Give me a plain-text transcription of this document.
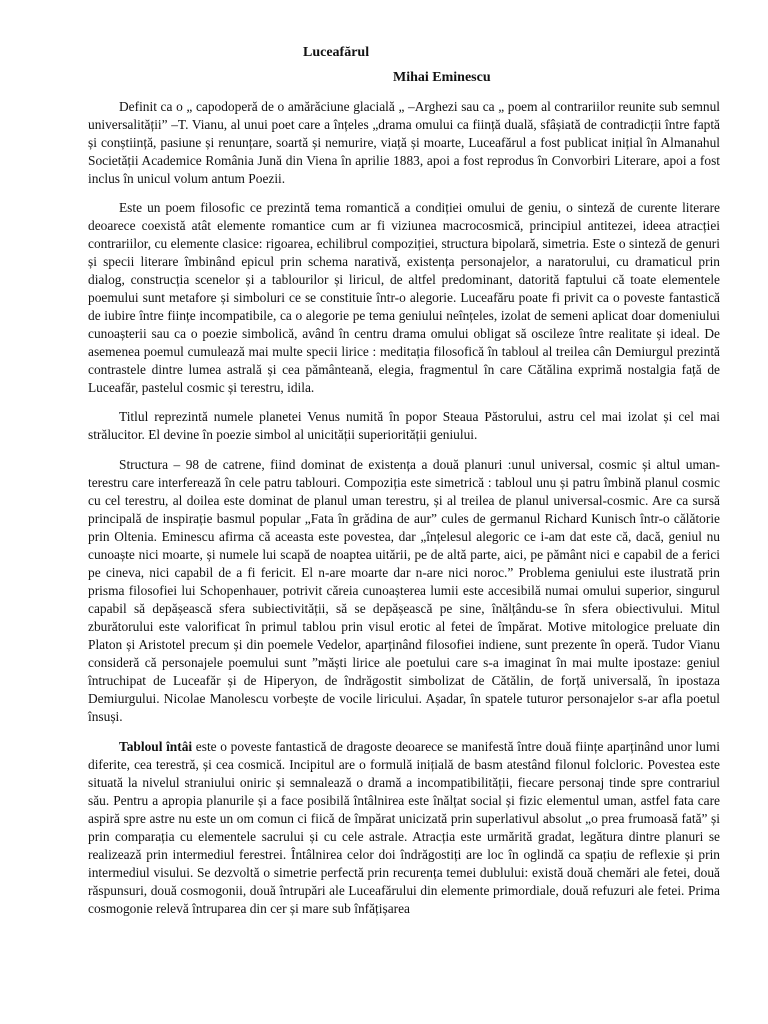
Luceafărul
Mihai Eminescu

Definit ca o „ capodoperă de o amărăciune glacială „ –Arghezi sau ca „ poem al contrariilor reunite sub semnul universalității” –T. Vianu, al unui poet care a înțeles „drama omului ca ființă duală, sfâșiată de contradicții între faptă și conștiință, pasiune și renunțare, soartă și nemurire, viață și moarte, Luceafărul a fost publicat inițial în Almanahul Societății Academice România Jună din Viena în aprilie 1883, apoi a fost reprodus în Convorbiri Literare, apoi a fost inclus în unicul volum antum Poezii.

Este un poem filosofic ce prezintă tema romantică a condiției omului de geniu, o sinteză de curente literare deoarece coexistă atât elemente romantice cum ar fi viziunea macrocosmică, principiul antitezei, ideea atracției contrariilor, cu elemente clasice: rigoarea, echilibrul compoziției, structura bipolară, simetria. Este o sinteză de genuri și specii literare îmbinând epicul prin schema narativă, existența personajelor, a naratorului, cu dramaticul prin dialog, construcția scenelor și a tablourilor și liricul, de altfel predominant, datorită faptului că toate elementele poemului sunt metafore și simboluri ce se constituie într-o alegorie. Luceafăru poate fi privit ca o poveste fantastică de iubire între ființe incompatibile, ca o alegorie pe tema geniului neînțeles, izolat de semeni aplicat doar domeniului cunoașterii sau ca o poezie simbolică, având în centru drama omului obligat să oscileze între realitate și ideal. De asemenea poemul cumulează mai multe specii lirice : meditația filosofică în tabloul al treilea cân Demiurgul prezintă contrastele dintre lumea astrală și cea pământeană, elegia, fragmentul în care Cătălina exprimă nostalgia față de Luceafăr, pastelul cosmic și terestru, idila.

Titlul reprezintă numele planetei Venus numită în popor Steaua Păstorului, astru cel mai izolat și cel mai strălucitor. El devine în poezie simbol al unicității superiorității geniului.

Structura – 98 de catrene, fiind dominat de existența a două planuri :unul universal, cosmic și altul uman- terestru care interferează în cele patru tablouri. Compoziția este simetrică : tabloul unu și patru îmbină planul cosmic cu cel terestru, al doilea este dominat de planul uman terestru, și al treilea de planul universal-cosmic. Are ca sursă principală de inspirație basmul popular „Fata în grădina de aur” cules de germanul Richard Kunisch într-o călătorie prin Oltenia. Eminescu afirma că aceasta este povestea, dar „înțelesul alegoric ce i-am dat este că, dacă, geniul nu cunoaște nici moarte, și numele lui scapă de noaptea uitării, pe de altă parte, aici, pe pământ nici e capabil de a ferici pe cineva, nici capabil de a fi fericit. El n-are moarte dar n-are nici noroc.” Problema geniului este ilustrată prin prisma filosofiei lui Schopenhauer, potrivit căreia cunoașterea lumii este accesibilă numai omului superior, singurul capabil să depășească sfera subiectivității, să se depășească pe sine, înălțându-se în sfera obiectivului. Mitul zburătorului este valorificat în primul tablou prin visul erotic al fetei de împărat. Motive mitologice preluate din Platon și Aristotel precum și din poemele Vedelor, aparținând filosofiei indiene, sunt prezente în operă. Tudor Vianu consideră că personajele poemului sunt ”măști lirice ale poetului care s-a imaginat în mai multe ipostaze: geniul întruchipat de Luceafăr și de Hiperyon, de îndrăgostit simbolizat de Cătălin, de forță universală, în ipostaza Demiurgului. Nicolae Manolescu vorbește de vocile liricului. Așadar, în spatele tuturor personajelor s-ar afla poetul însuși.

Tabloul întâi este o poveste fantastică de dragoste deoarece se manifestă între două ființe aparținând unor lumi diferite, cea terestră, și cea cosmică. Incipitul are o formulă inițială de basm atestând filonul folcloric. Povestea este situată la nivelul straniului oniric și semnalează o dramă a incompatibilității, fiecare personaj tinde spre contrariul său. Pentru a apropia planurile și a face posibilă întâlnirea este înălțat social și fizic elementul uman, astfel fata care aspiră spre astre nu este un om comun ci fiică de împărat unicizată prin superlativul absolut „o prea frumoasă fată” și prin comparația cu elementele sacrului și cu cele astrale. Atracția este urmărită gradat, legătura dintre planuri se realizează prin intermediul ferestrei. Întâlnirea celor doi îndrăgostiți are loc în oglindă ca spațiu de reflexie și prin intermediul visului. Se dezvoltă o simetrie perfectă prin recurența temei dublului: există două chemări ale fetei, două răspunsuri, două cosmogonii, două întrupări ale Luceafărului din elemente primordiale, două refuzuri ale fetei. Prima cosmogonie relevă întruparea din cer și mare sub înfățișarea
